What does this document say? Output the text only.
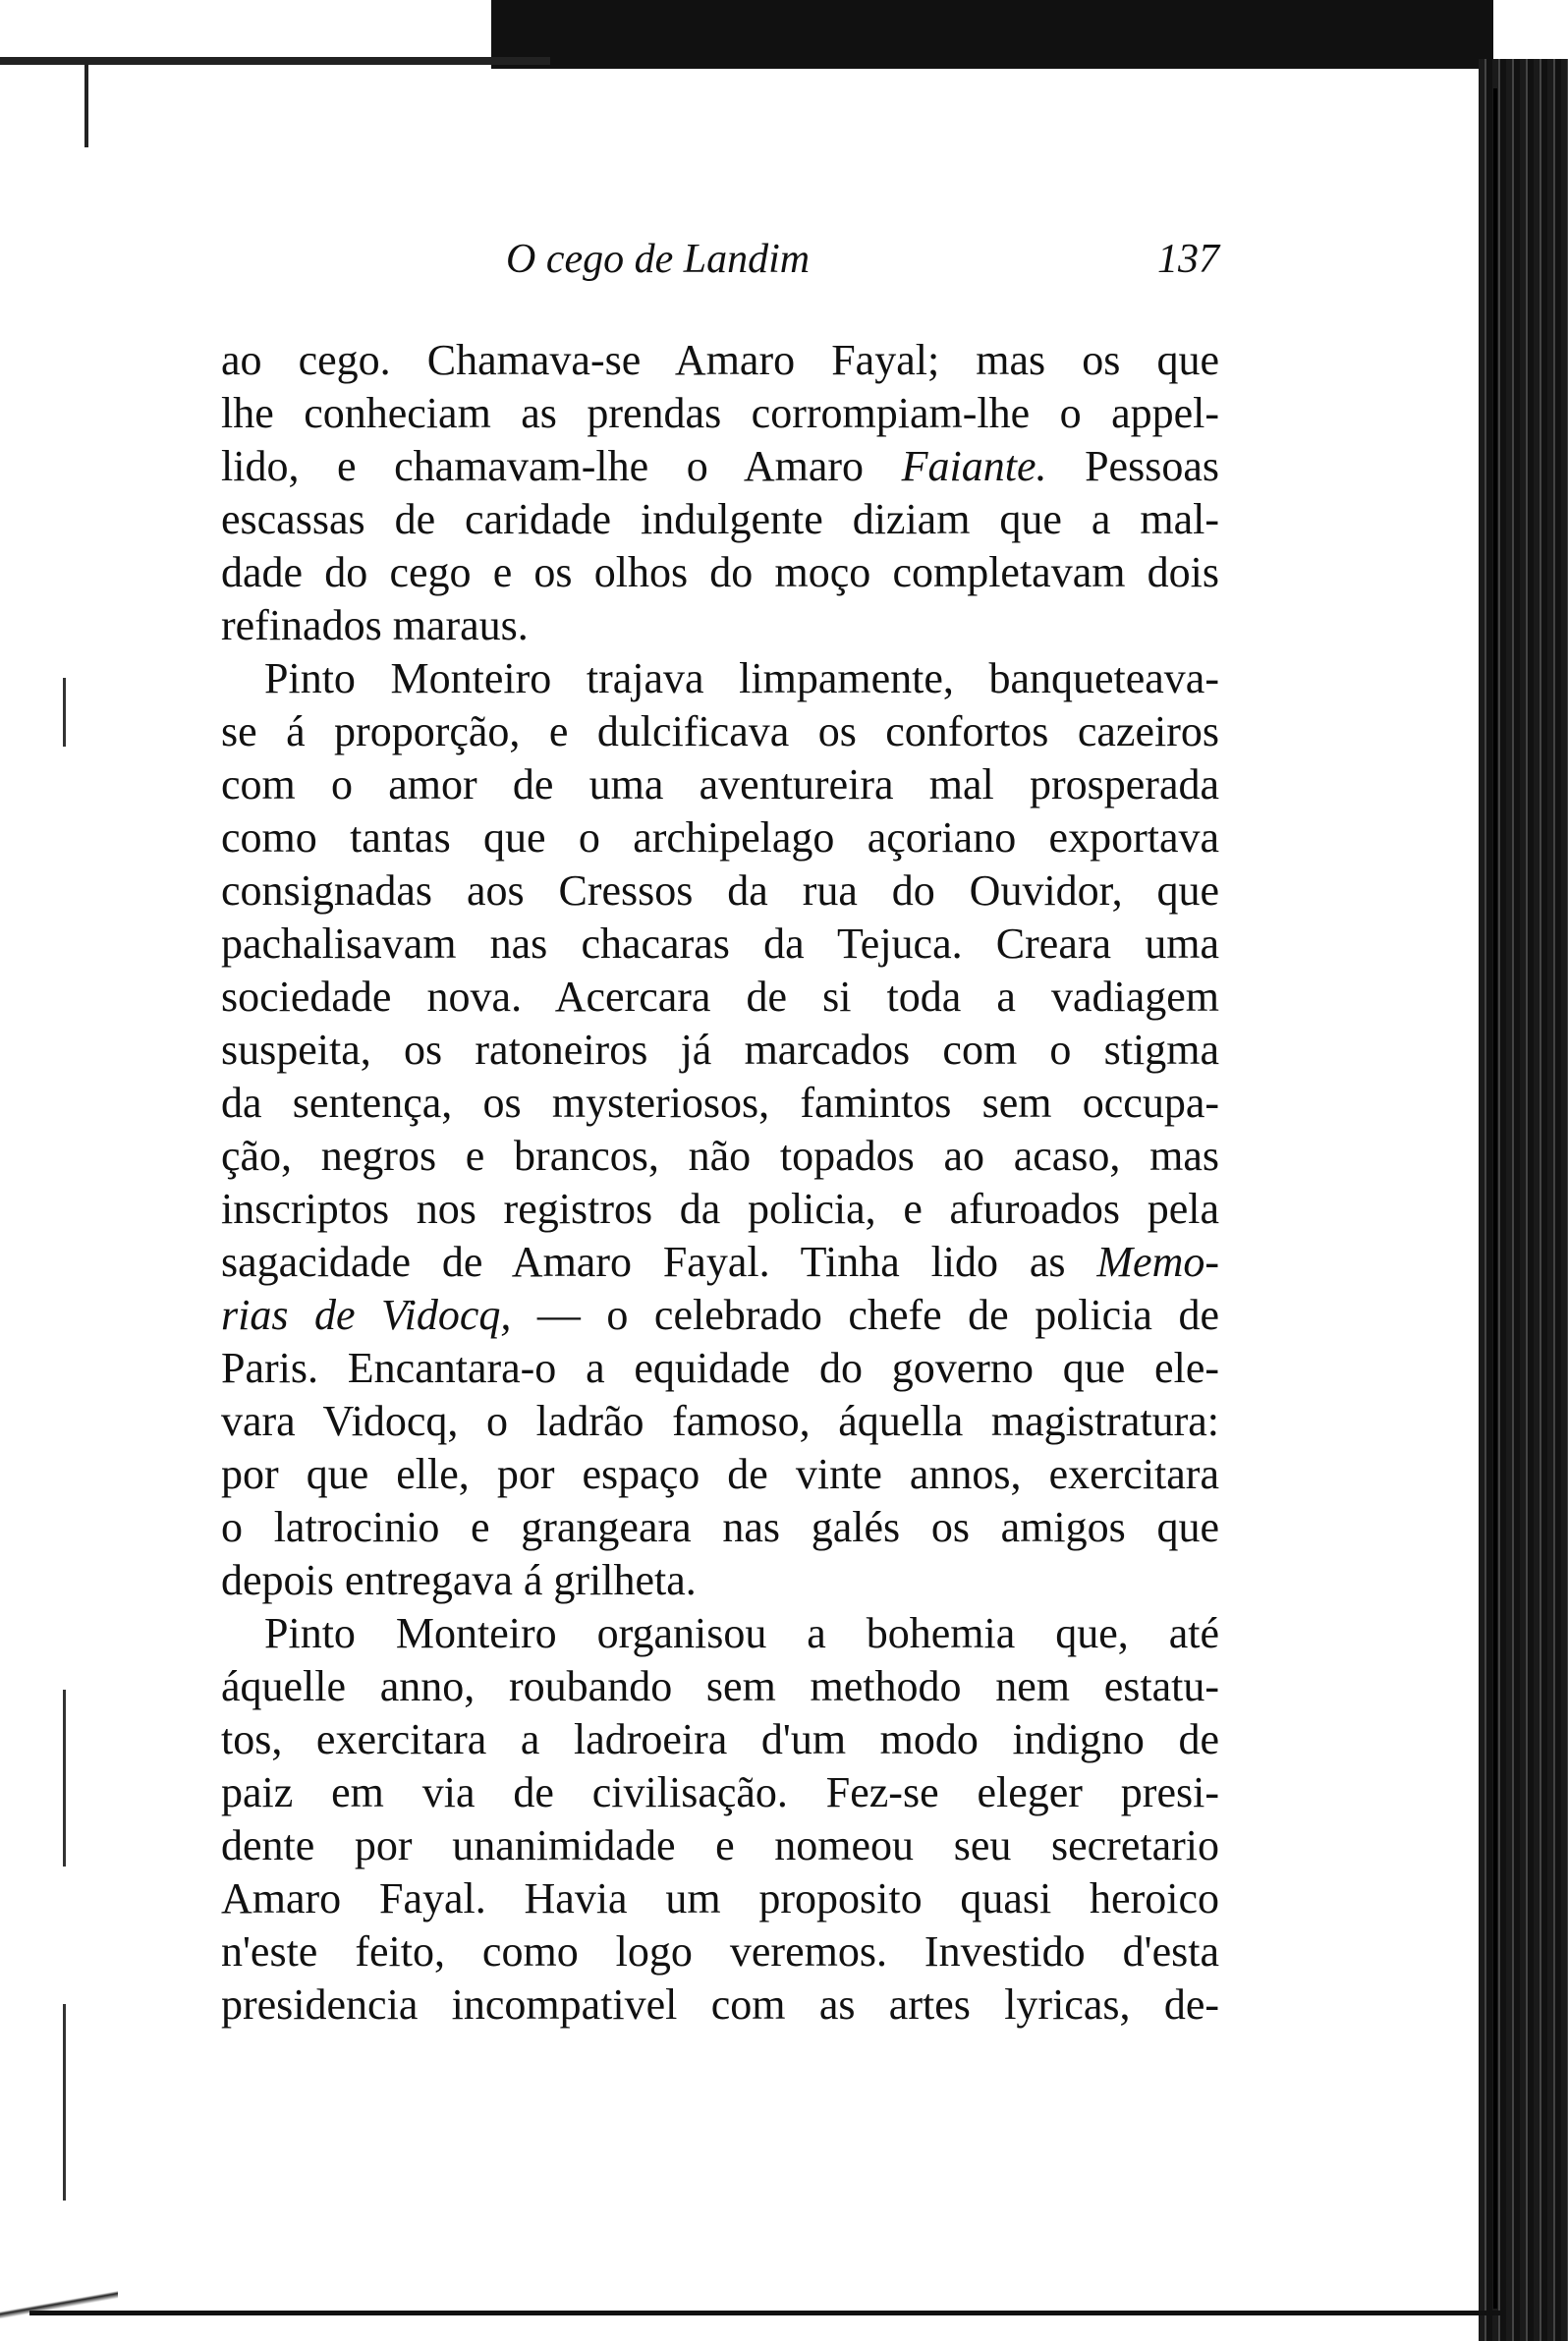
O cego de Landim	137
ao cego. Chamava-se Amaro Fayal; mas os que
lhe conheciam as prendas corrompiam-lhe o appel-
lido, e chamavam-lhe o Amaro Faiante. Pessoas
escassas de caridade indulgente diziam que a mal-
dade do cego e os olhos do moço completavam dois
refinados maraus.
Pinto Monteiro trajava limpamente, banqueteava-
se á proporção, e dulcificava os confortos cazeiros
com o amor de uma aventureira mal prosperada
como tantas que o archipelago açoriano exportava
consignadas aos Cressos da rua do Ouvidor, que
pachalisavam nas chacaras da Tejuca. Creara uma
sociedade nova. Acercara de si toda a vadiagem
suspeita, os ratoneiros já marcados com o stigma
da sentença, os mysteriosos, famintos sem occupa-
ção, negros e brancos, não topados ao acaso, mas
inscriptos nos registros da policia, e afuroados pela
sagacidade de Amaro Fayal. Tinha lido as Memo-
rias de Vidocq, — o celebrado chefe de policia de
Paris. Encantara-o a equidade do governo que ele-
vara Vidocq, o ladrão famoso, áquella magistratura:
por que elle, por espaço de vinte annos, exercitara
o latrocinio e grangeara nas galés os amigos que
depois entregava á grilheta.
Pinto Monteiro organisou a bohemia que, até
áquelle anno, roubando sem methodo nem estatu-
tos, exercitara a ladroeira d'um modo indigno de
paiz em via de civilisação. Fez-se eleger presi-
dente por unanimidade e nomeou seu secretario
Amaro Fayal. Havia um proposito quasi heroico
n'este feito, como logo veremos. Investido d'esta
presidencia incompativel com as artes lyricas, de-
